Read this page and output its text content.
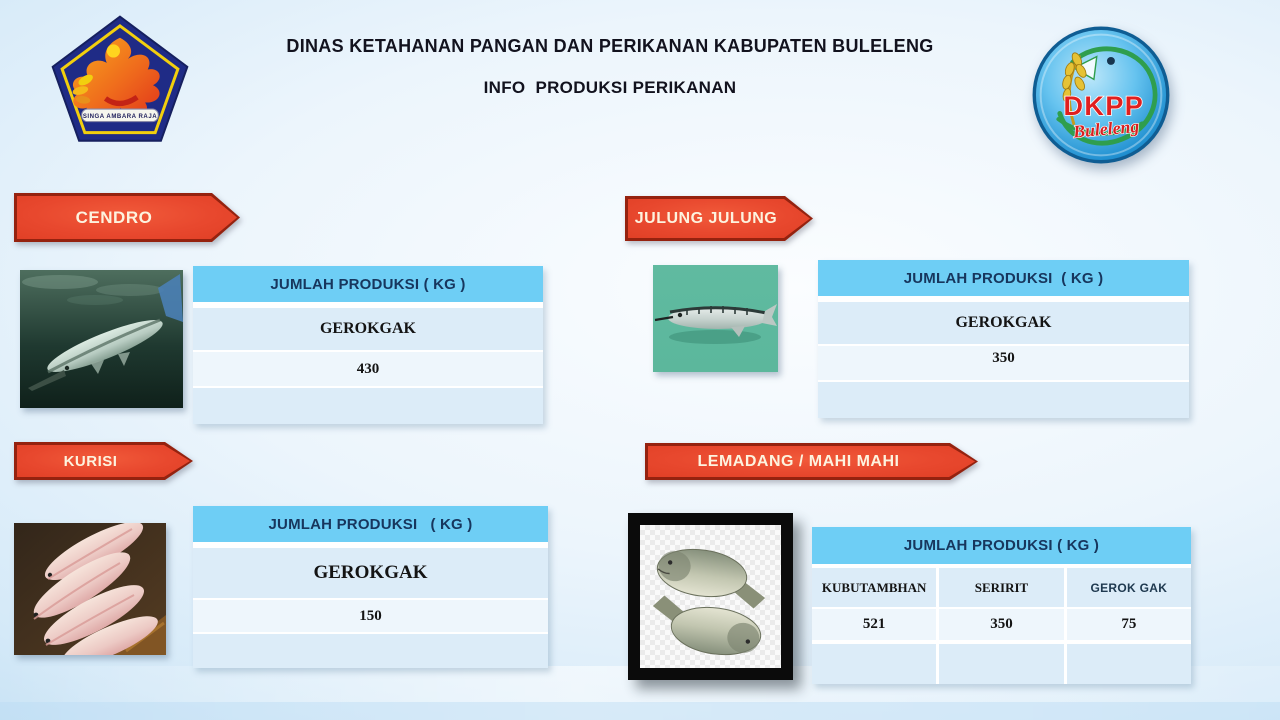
DINAS KETAHANAN PANGAN DAN PERIKANAN KABUPATEN BULELENG
INFO  PRODUKSI PERIKANAN
SINGA AMBARA RAJA	DKPP
Buleleng
CENDRO	JULUNG JULUNG
KURISI	LEMADANG / MAHI MAHI
JUMLAH PRODUKSI ( KG )
GEROKGAK
430
JUMLAH PRODUKSI  ( KG )
GEROKGAK
350
JUMLAH PRODUKSI   ( KG )
GEROKGAK
150
JUMLAH PRODUKSI ( KG )
KUBUTAMBHAN	SERIRIT	GEROK GAK
521	350	75
